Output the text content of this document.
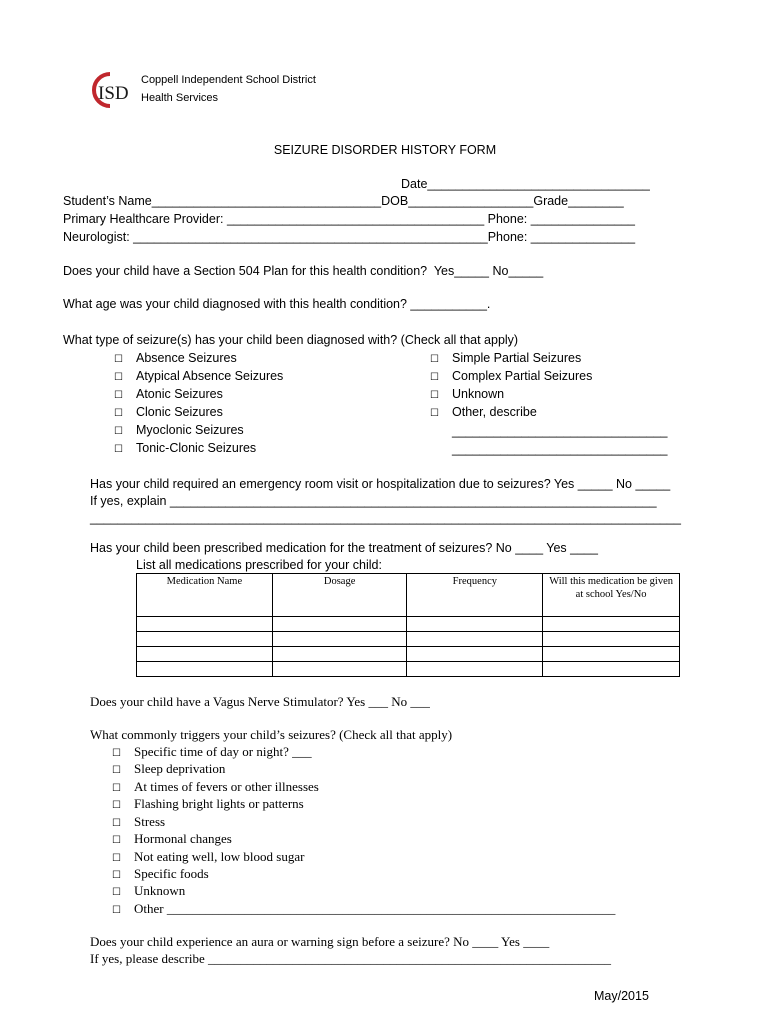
ISD
Coppell Independent School District
Health Services
SEIZURE DISORDER HISTORY FORM
Date________________________________
Student’s Name_________________________________DOB__________________Grade________
Primary Healthcare Provider: _____________________________________ Phone: _______________
Neurologist: ___________________________________________________Phone: _______________
Does your child have a Section 504 Plan for this health condition?  Yes_____ No_____
What age was your child diagnosed with this health condition? ___________.
What type of seizure(s) has your child been diagnosed with? (Check all that apply)
☐ Absence Seizures
☐ Atypical Absence Seizures
☐ Atonic Seizures
☐ Clonic Seizures
☐ Myoclonic Seizures
☐ Tonic-Clonic Seizures
☐ Simple Partial Seizures
☐ Complex Partial Seizures
☐ Unknown
☐ Other, describe
_______________________________
_______________________________
Has your child required an emergency room visit or hospitalization due to seizures? Yes _____ No _____
If yes, explain ______________________________________________________________________
_____________________________________________________________________________________
Has your child been prescribed medication for the treatment of seizures? No ____ Yes ____
List all medications prescribed for your child:
Medication Name	Dosage	Frequency	Will this medication be given at school Yes/No

Does your child have a Vagus Nerve Stimulator? Yes ___ No ___
What commonly triggers your child’s seizures? (Check all that apply)
☐ Specific time of day or night? ___
☐ Sleep deprivation
☐ At times of fevers or other illnesses
☐ Flashing bright lights or patterns
☐ Stress
☐ Hormonal changes
☐ Not eating well, low blood sugar
☐ Specific foods
☐ Unknown
☐ Other _____________________________________________________________________
Does your child experience an aura or warning sign before a seizure? No ____ Yes ____
If yes, please describe ______________________________________________________________
May/2015
